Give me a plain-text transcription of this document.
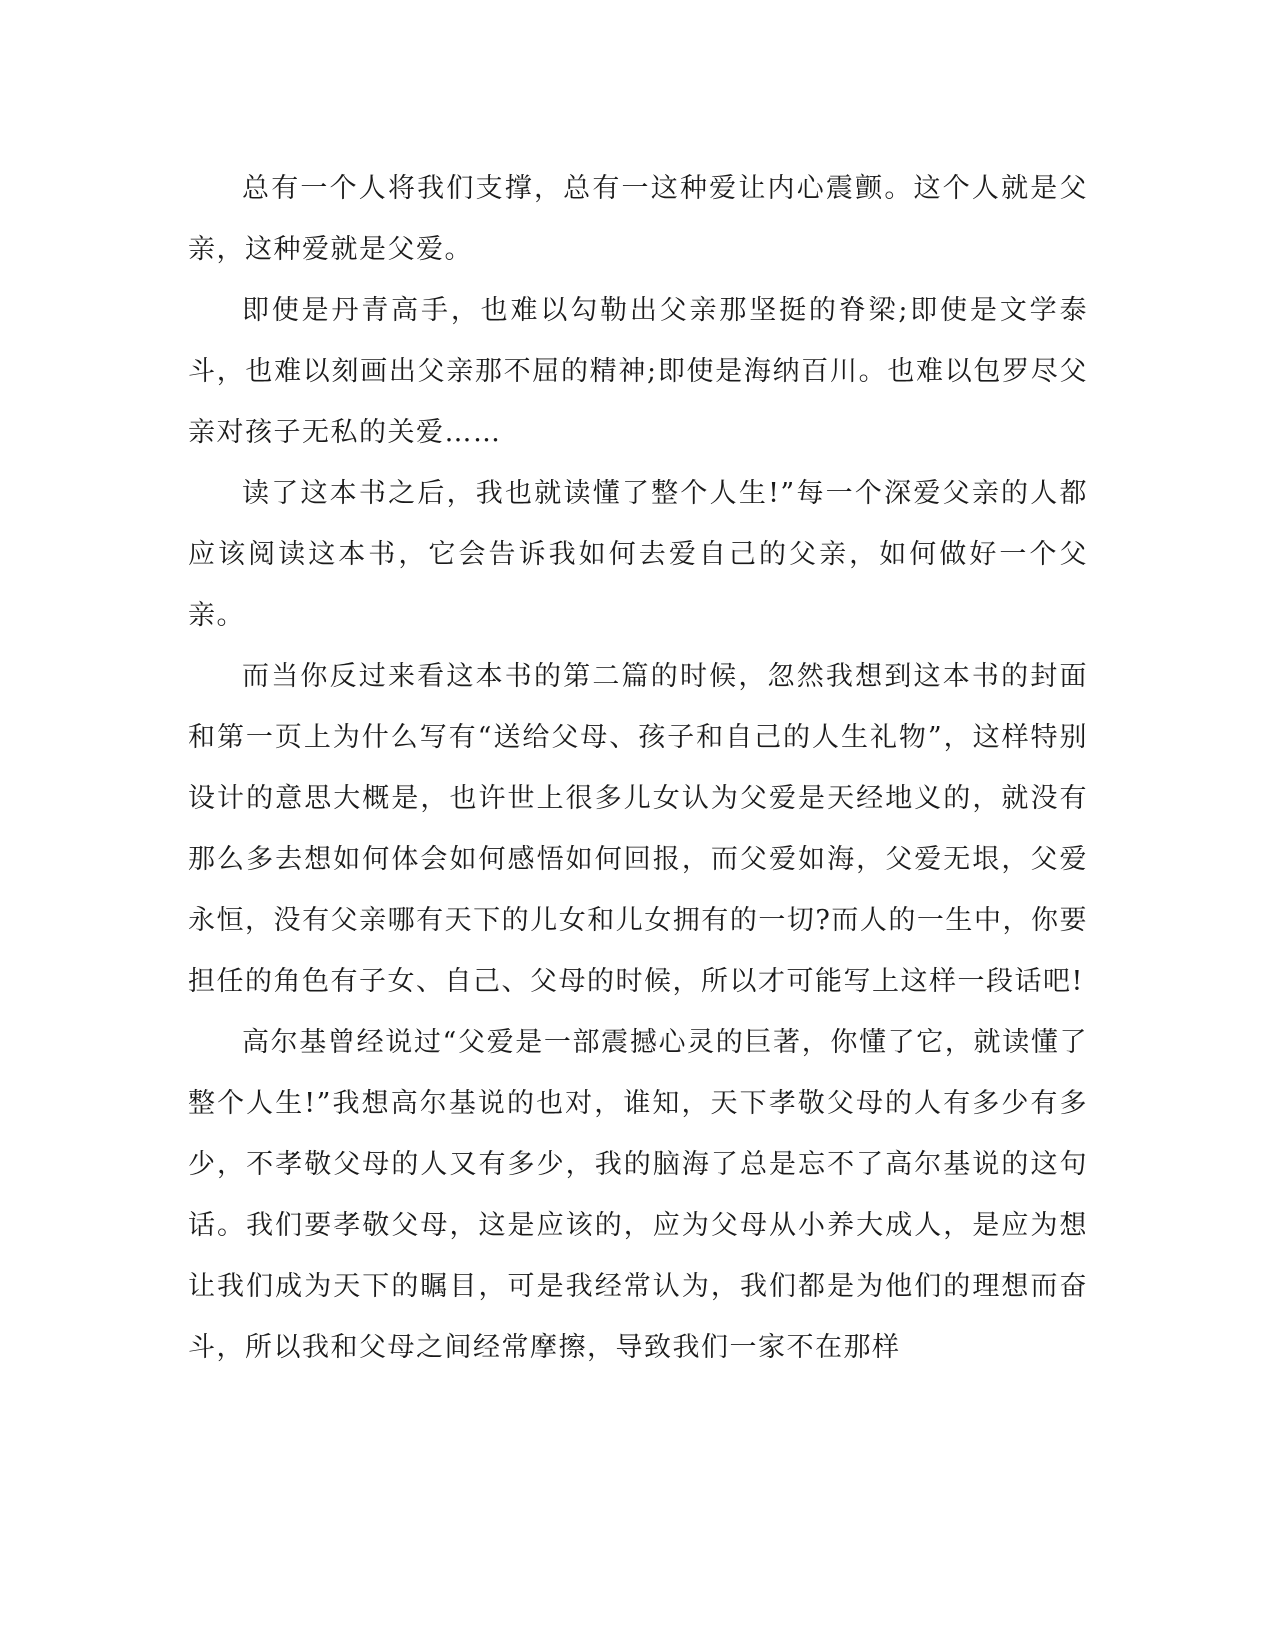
总有一个人将我们支撑，总有一这种爱让内心震颤。这个人就是父亲，这种爱就是父爱。

即使是丹青高手，也难以勾勒出父亲那坚挺的脊梁;即使是文学泰斗，也难以刻画出父亲那不屈的精神;即使是海纳百川。也难以包罗尽父亲对孩子无私的关爱……

读了这本书之后，我也就读懂了整个人生!”每一个深爱父亲的人都应该阅读这本书，它会告诉我如何去爱自己的父亲，如何做好一个父亲。

而当你反过来看这本书的第二篇的时候，忽然我想到这本书的封面和第一页上为什么写有“送给父母、孩子和自己的人生礼物”，这样特别设计的意思大概是，也许世上很多儿女认为父爱是天经地义的，就没有那么多去想如何体会如何感悟如何回报，而父爱如海，父爱无垠，父爱永恒，没有父亲哪有天下的儿女和儿女拥有的一切?而人的一生中，你要担任的角色有子女、自己、父母的时候，所以才可能写上这样一段话吧!

高尔基曾经说过“父爱是一部震撼心灵的巨著，你懂了它，就读懂了整个人生!”我想高尔基说的也对，谁知，天下孝敬父母的人有多少有多少，不孝敬父母的人又有多少，我的脑海了总是忘不了高尔基说的这句话。我们要孝敬父母，这是应该的，应为父母从小养大成人，是应为想让我们成为天下的瞩目，可是我经常认为，我们都是为他们的理想而奋斗，所以我和父母之间经常摩擦，导致我们一家不在那样
